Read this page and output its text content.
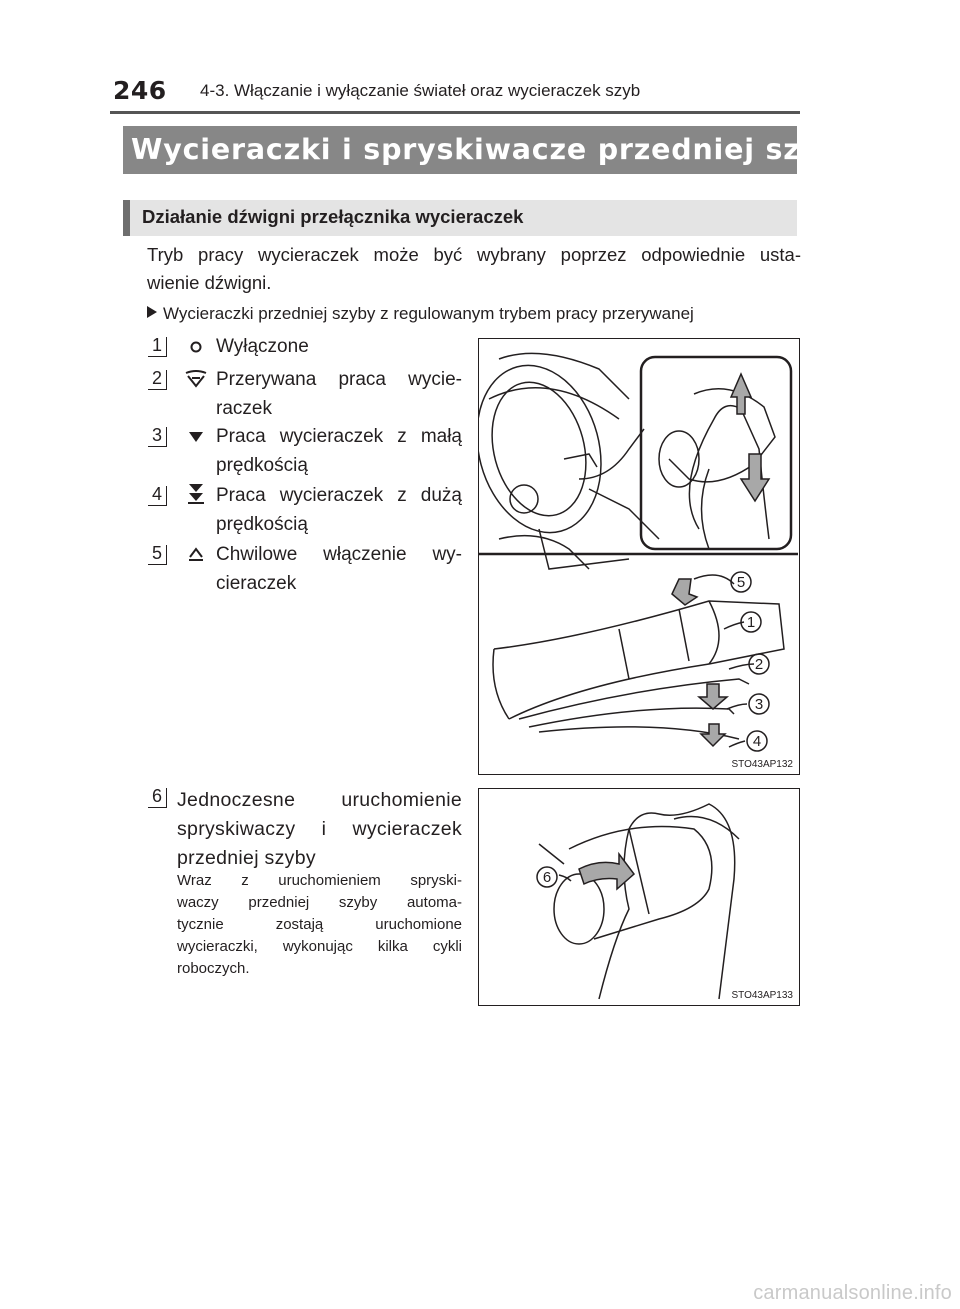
246 4-3. Włączanie i wyłączanie świateł oraz wycieraczek szyb
Wycieraczki i spryskiwacze przedniej szyby
Działanie dźwigni przełącznika wycieraczek
Tryb pracy wycieraczek może być wybrany poprzez odpowiednie usta-
wienie dźwigni.
Wycieraczki przedniej szyby z regulowanym trybem pracy przerywanej
1	Wyłączone
2	Przerywana praca wycie-
raczek
3	Praca wycieraczek z małą
prędkością
4	Praca wycieraczek z dużą
prędkością
5	Chwilowe włączenie wy-
cieraczek	5
1
2
3
4
STO43AP132
6 Jednoczesne uruchomienie
spryskiwaczy i wycieraczek
przedniej szyby
Wraz z uruchomieniem spryski-
waczy przedniej szyby automa-
tycznie zostają uruchomione
wycieraczki, wykonując kilka cykli
roboczych.
6
STO43AP133
carmanualsonline.info
